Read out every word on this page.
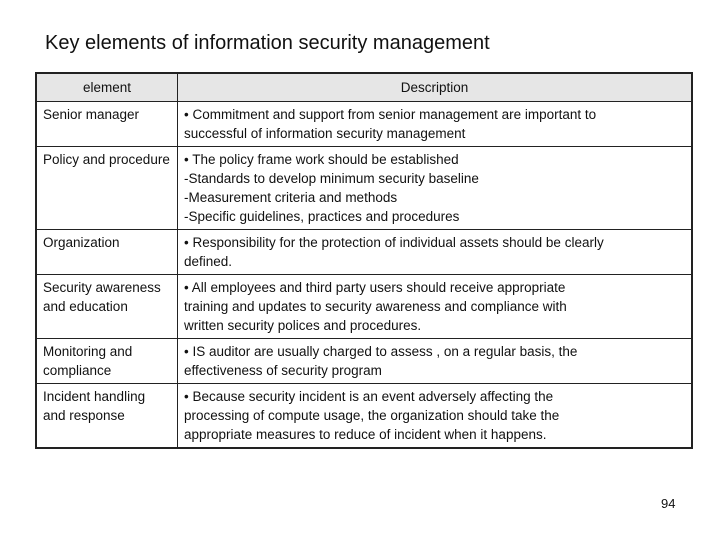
Key elements of information security management
element	Description
Senior manager	• Commitment and support from senior management are important to
successful of information security management

Policy and procedure	• The policy frame work should be established
-Standards to develop minimum security baseline
-Measurement criteria and methods
-Specific guidelines, practices and procedures

Organization	• Responsibility for the protection of individual assets should be clearly
defined.

Security awareness and education	• All employees and third party users should receive appropriate
training and updates to security awareness and compliance with
written security polices and procedures.

Monitoring and compliance	• IS auditor are usually charged to assess , on a regular basis, the
effectiveness of security program

Incident handling and response	• Because security incident is an event adversely affecting the
processing of compute usage, the organization should take the
appropriate measures to reduce of incident when it happens.
94
